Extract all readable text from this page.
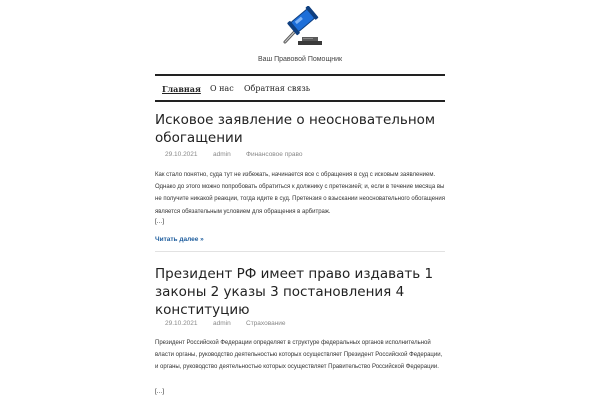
Ваш Правовой Помощник
Главная О нас Обратная связь
Исковое заявление о неосновательном
обогащении
29.10.2021 admin Финансовое право

Как стало понятно, суда тут не избежать, начинается все с обращения в суд с исковым заявлением. Однако до этого можно попробовать обратиться к должнику с претензией; и, если в течение месяца вы не получите никакой реакции, тогда идите в суд. Претензия о взыскании неосновательного обогащения является обязательным условием для обращения в арбитраж.

[...]
Читать далее »
Президент РФ имеет право издавать 1
законы 2 указы 3 постановления 4
конституцию
29.10.2021 admin Страхование

Президент Российской Федерации определяет в структуре федеральных органов исполнительной власти органы, руководство деятельностью которых осуществляет Президент Российской Федерации, и органы, руководство деятельностью которых осуществляет Правительство Российской Федерации.

[...]
